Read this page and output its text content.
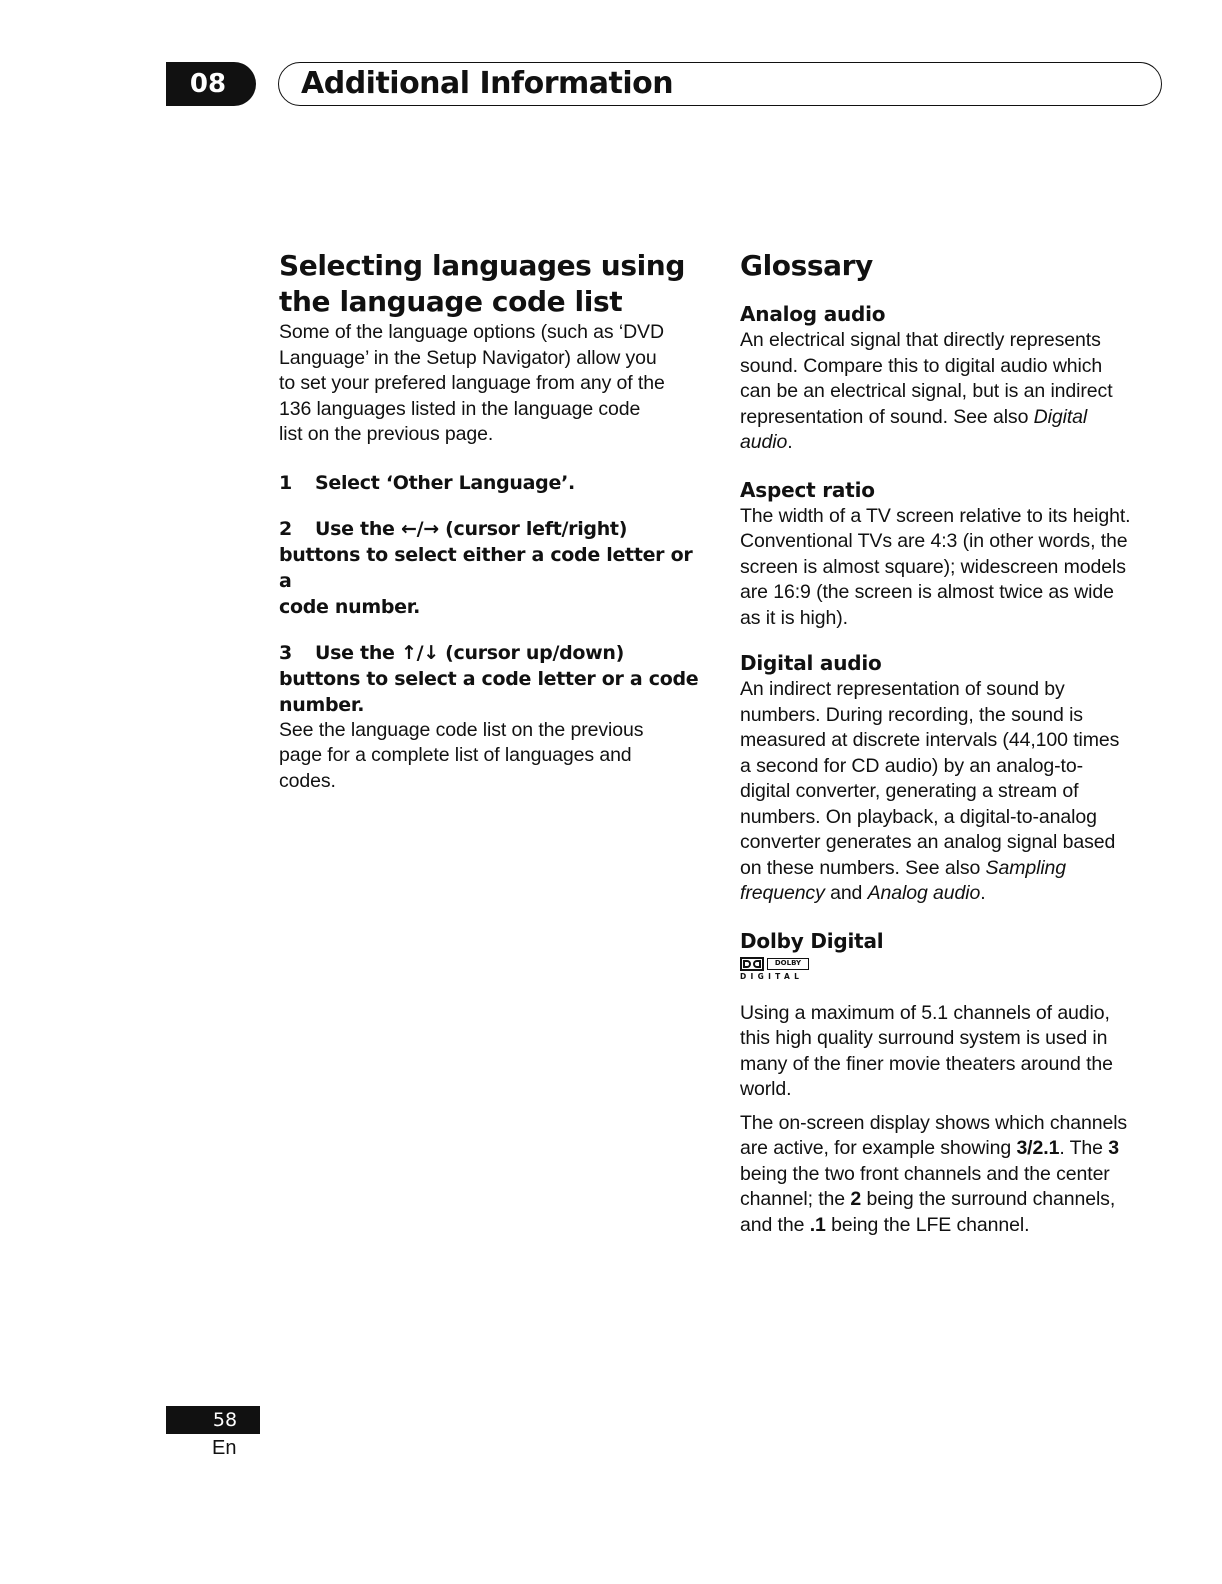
08	Additional Information
Selecting languages using
the language code list

Some of the language options (such as ‘DVD
Language’ in the Setup Navigator) allow you
to set your prefered language from any of the
136 languages listed in the language code
list on the previous page.

1 Select ‘Other Language’.
2 Use the ←/→ (cursor left/right)
buttons to select either a code letter or a
code number.
3 Use the ↑/↓ (cursor up/down)
buttons to select a code letter or a code
number.

See the language code list on the previous
page for a complete list of languages and
codes.

Glossary
Analog audio

An electrical signal that directly represents
sound. Compare this to digital audio which
can be an electrical signal, but is an indirect
representation of sound. See also Digital
audio.

Aspect ratio

The width of a TV screen relative to its height.
Conventional TVs are 4:3 (in other words, the
screen is almost square); widescreen models
are 16:9 (the screen is almost twice as wide
as it is high).

Digital audio

An indirect representation of sound by
numbers. During recording, the sound is
measured at discrete intervals (44,100 times
a second for CD audio) by an analog-to-
digital converter, generating a stream of
numbers. On playback, a digital-to-analog
converter generates an analog signal based
on these numbers. See also Sampling
frequency and Analog audio.

Dolby Digital
DOLBY
DIGITAL

Using a maximum of 5.1 channels of audio,
this high quality surround system is used in
many of the finer movie theaters around the
world.

The on-screen display shows which channels
are active, for example showing 3/2.1. The 3
being the two front channels and the center
channel; the 2 being the surround channels,
and the .1 being the LFE channel.

58
En
